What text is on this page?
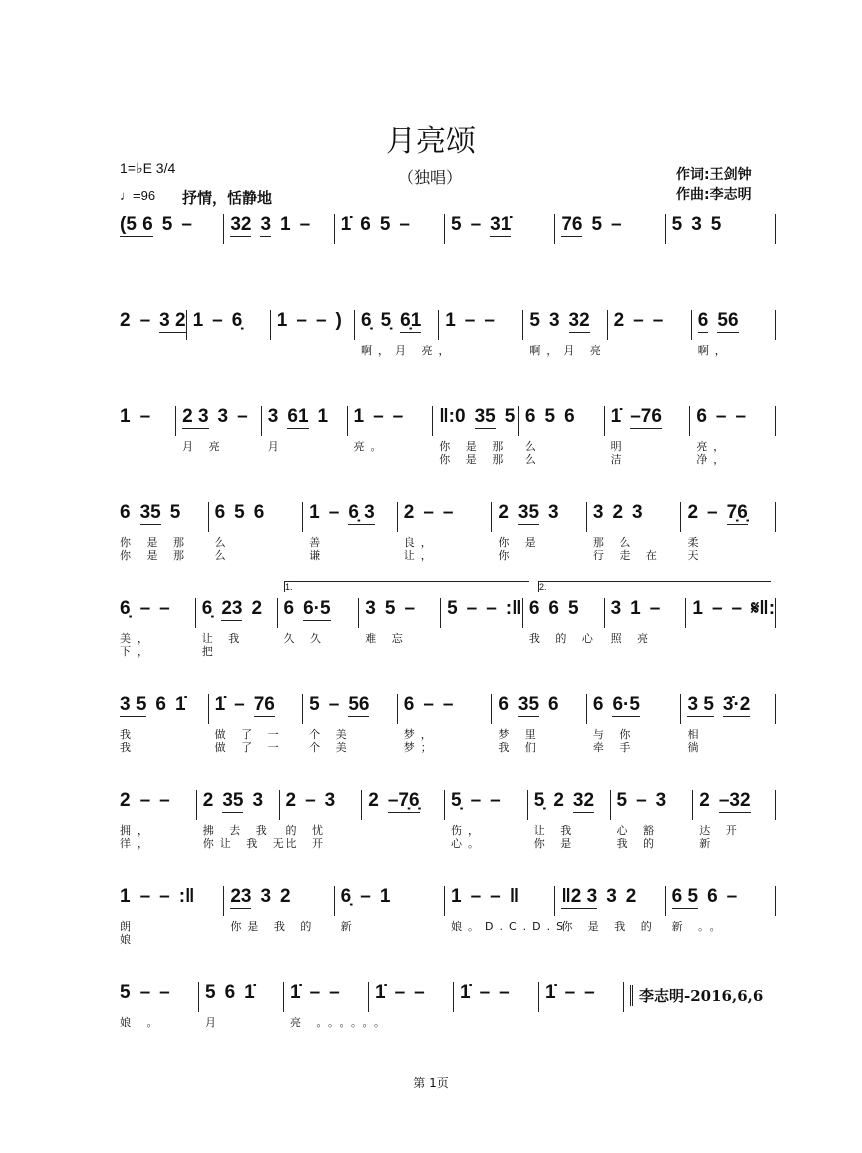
月亮颂
1=♭E 3/4
♩=96 抒情，恬静地
（独唱）	作词:王剑钟
作曲:李志明
1.	2.
(5 6 5 – 32 3 1 – 1̇ 6 5 – 5 – 31̇	76 5 –	5 3 5
2 – 3 2 1 – 6̣ 1 – – ) 6̣ 5̣ 6̣1
啊，月 亮，
1 – – 5 3 32
啊，月 亮
2 – – 6 56
啊，
1 – 2 3 3 –
月 亮
3 61 1
月
1 – –
亮。
‖:0 35 5
你 是 那
你 是 那
6 5 6
么
么
1̇ –76
明
洁
6 – –
亮，
净，
6 35 5
你 是 那
你 是 那
6 5 6
么
么
1 – 6̣ 3
善
谦
2 – –
良，
让，
2 35 3
你 是
你
3 2 3
那 么
行 走 在
2 – 7̣6̣
柔
天
6̣ – –
美，
下，
6̣ 23 2
让 我
把
6 6·5
久 久
3 5 –
难 忘
5 – – :‖ 6 6 5
我 的 心
3 1 –
照 亮
1 – – 𝄋‖:
3 5 6 1̇
我
我
1̇ – 76
做 了 一
做 了 一
5 – 56
个 美
个 美
6 – –
梦，
梦；
6 35 6
梦 里
我 们
6 6·5
与 你
牵 手
3 5 3̇·2
相
徜
2 – –
拥，
徉，
2 35 3
拂 去 我
你让 我 无
2 – 3
的 忧
比 开
2 –7̣6̣ 5̣ – –
伤，
心。
5̣ 2 32
让 我
你 是
5 – 3
心 豁
我 的
2 –32
达 开
新
1 – – :‖
朗
娘
23 3 2
你是 我 的
6̣ – 1
新
1 – – ‖
娘。D.C.D.S
‖2 3 3 2
你 是 我 的
6 5 6 –
新 。。
5 – –
娘 。
5 6 1̇
月
1̇ – –
亮 。。。。。。
1̇ – – 1̇ – – 1̇ – –	李志明-2016,6,6
第 1页
